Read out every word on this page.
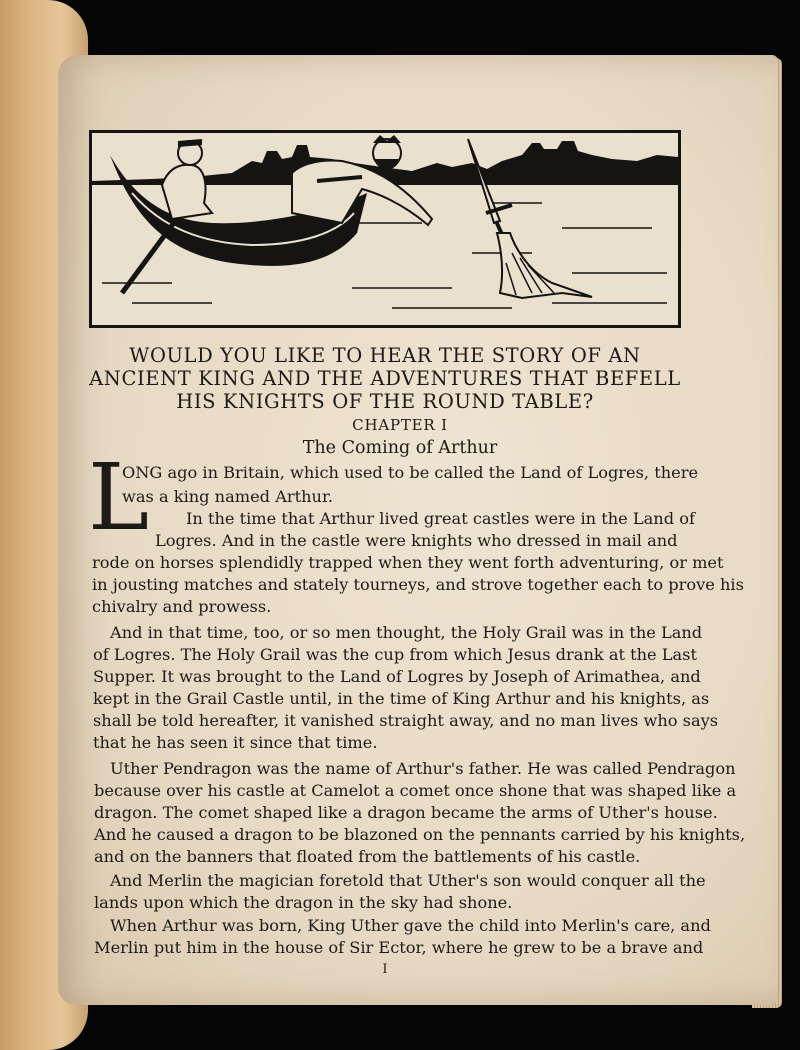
WOULD YOU LIKE TO HEAR THE STORY OF AN ANCIENT KING AND THE ADVENTURES THAT BEFELL HIS KNIGHTS OF THE ROUND TABLE?
CHAPTER I
The Coming of Arthur
L
ONG ago in Britain, which used to be called the Land of Logres, there
was a king named Arthur.
In the time that Arthur lived great castles were in the Land of
Logres. And in the castle were knights who dressed in mail and
rode on horses splendidly trapped when they went forth adventuring, or met
in jousting matches and stately tourneys, and strove together each to prove his
chivalry and prowess.
And in that time, too, or so men thought, the Holy Grail was in the Land
of Logres. The Holy Grail was the cup from which Jesus drank at the Last
Supper. It was brought to the Land of Logres by Joseph of Arimathea, and
kept in the Grail Castle until, in the time of King Arthur and his knights, as
shall be told hereafter, it vanished straight away, and no man lives who says
that he has seen it since that time.
Uther Pendragon was the name of Arthur's father. He was called Pendragon
because over his castle at Camelot a comet once shone that was shaped like a
dragon. The comet shaped like a dragon became the arms of Uther's house.
And he caused a dragon to be blazoned on the pennants carried by his knights,
and on the banners that floated from the battlements of his castle.
And Merlin the magician foretold that Uther's son would conquer all the
lands upon which the dragon in the sky had shone.
When Arthur was born, King Uther gave the child into Merlin's care, and
Merlin put him in the house of Sir Ector, where he grew to be a brave and
I
